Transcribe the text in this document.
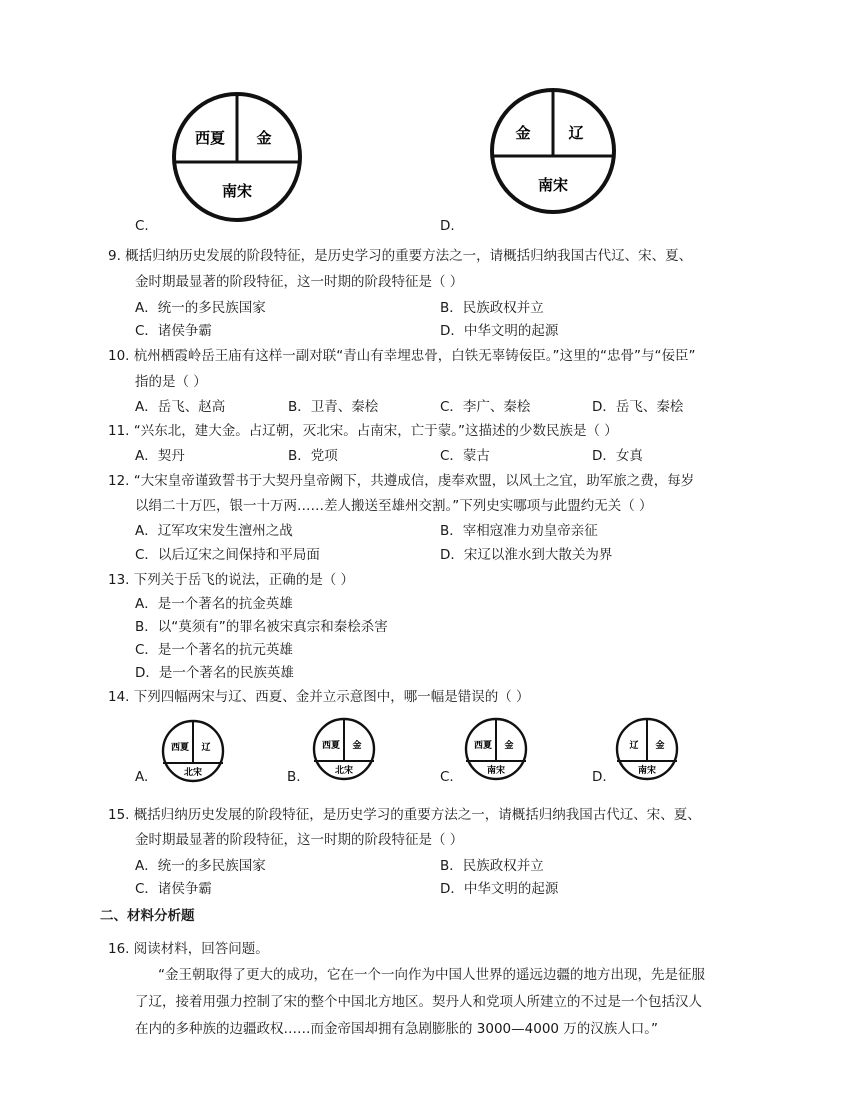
西夏 金
南宋
C.
金	辽
南宋
D.
9. 概括归纳历史发展的阶段特征，是历史学习的重要方法之一，请概括归纳我国古代辽、宋、夏、
金时期最显著的阶段特征，这一时期的阶段特征是（ ）
A．统一的多民族国家	B．民族政权并立
C．诸侯争霸	D．中华文明的起源
10. 杭州栖霞岭岳王庙有这样一副对联“青山有幸埋忠骨，白铁无辜铸佞臣。”这里的“忠骨”与“佞臣”
指的是（ ）
A．岳飞、赵高	B．卫青、秦桧	C．李广、秦桧	D．岳飞、秦桧
11. “兴东北，建大金。占辽朝，灭北宋。占南宋，亡于蒙。”这描述的少数民族是（ ）
A．契丹	B．党项	C．蒙古	D．女真
12. “大宋皇帝谨致誓书于大契丹皇帝阙下，共遵成信，虔奉欢盟，以风土之宜，助军旅之费，每岁
以绢二十万匹，银一十万两……差人搬送至雄州交割。”下列史实哪项与此盟约无关（ ）
A．辽军攻宋发生澶州之战	B．宰相寇准力劝皇帝亲征
C．以后辽宋之间保持和平局面	D．宋辽以淮水到大散关为界
13. 下列关于岳飞的说法，正确的是（ ）
A．是一个著名的抗金英雄
B．以“莫须有”的罪名被宋真宗和秦桧杀害
C．是一个著名的抗元英雄
D．是一个著名的民族英雄
14. 下列四幅两宋与辽、西夏、金并立示意图中，哪一幅是错误的（ ）
A.
西夏 辽
北宋	B.
西夏 金
北宋	C.
西夏 金
南宋	D.
辽 金
南宋
15. 概括归纳历史发展的阶段特征，是历史学习的重要方法之一，请概括归纳我国古代辽、宋、夏、
金时期最显著的阶段特征，这一时期的阶段特征是（ ）
A．统一的多民族国家	B．民族政权并立
C．诸侯争霸	D．中华文明的起源
二、材料分析题
16. 阅读材料，回答问题。
“金王朝取得了更大的成功，它在一个一向作为中国人世界的遥远边疆的地方出现，先是征服
了辽，接着用强力控制了宋的整个中国北方地区。契丹人和党项人所建立的不过是一个包括汉人
在内的多种族的边疆政权……而金帝国却拥有急剧膨胀的 3000—4000 万的汉族人口。”
